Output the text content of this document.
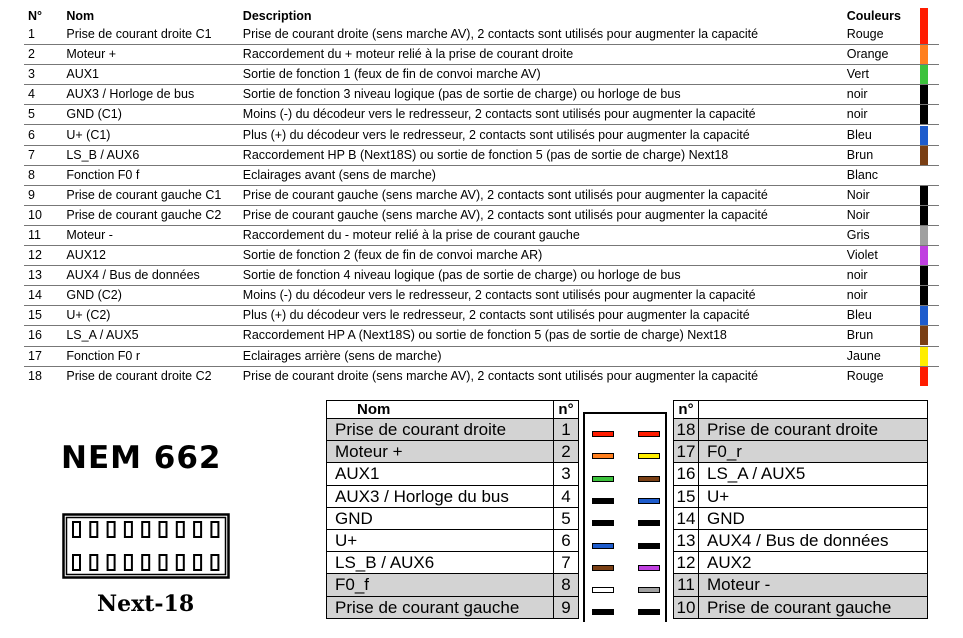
N°	Nom	Description	Couleurs	

1	Prise de courant droite C1	Prise de courant droite (sens marche AV), 2 contacts sont utilisés pour augmenter la capacité	Rouge	

2	Moteur +	Raccordement du + moteur relié à la prise de courant droite	Orange	

3	AUX1	Sortie de fonction 1 (feux de fin de convoi marche AV)	Vert	

4	AUX3 / Horloge de bus	Sortie de fonction 3 niveau logique (pas de sortie de charge) ou horloge de bus	noir	

5	GND (C1)	Moins (-) du décodeur vers le redresseur, 2 contacts sont utilisés pour augmenter la capacité	noir	

6	U+ (C1)	Plus (+) du décodeur vers le redresseur, 2 contacts sont utilisés pour augmenter la capacité	Bleu	

7	LS_B / AUX6	Raccordement HP B (Next18S) ou sortie de fonction 5 (pas de sortie de charge) Next18	Brun	

8	Fonction F0 f	Eclairages avant (sens de marche)	Blanc	

9	Prise de courant gauche C1	Prise de courant gauche (sens marche AV), 2 contacts sont utilisés pour augmenter la capacité	Noir	

10	Prise de courant gauche C2	Prise de courant gauche (sens marche AV), 2 contacts sont utilisés pour augmenter la capacité	Noir	

11	Moteur -	Raccordement du - moteur relié à la prise de courant gauche	Gris	

12	AUX12	Sortie de fonction 2 (feux de fin de convoi marche AR)	Violet	

13	AUX4 / Bus de données	Sortie de fonction 4 niveau logique (pas de sortie de charge) ou horloge de bus	noir	

14	GND (C2)	Moins (-) du décodeur vers le redresseur, 2 contacts sont utilisés pour augmenter la capacité	noir	

15	U+ (C2)	Plus (+) du décodeur vers le redresseur, 2 contacts sont utilisés pour augmenter la capacité	Bleu	

16	LS_A / AUX5	Raccordement HP A (Next18S) ou sortie de fonction 5 (pas de sortie de charge) Next18	Brun	

17	Fonction F0 r	Eclairages arrière (sens de marche)	Jaune	

18	Prise de courant droite C2	Prise de courant droite (sens marche AV), 2 contacts sont utilisés pour augmenter la capacité	Rouge	
NEM 662
Next-18
Nom	n°
Prise de courant droite	1
Moteur +	2
AUX1	3
AUX3 / Horloge du bus	4
GND	5
U+	6
LS_B / AUX6	7
F0_f	8
Prise de courant gauche	9
n°	
18	Prise de courant droite
17	F0_r
16	LS_A / AUX5
15	U+
14	GND
13	AUX4 / Bus de données
12	AUX2
11	Moteur -
10	Prise de courant gauche
